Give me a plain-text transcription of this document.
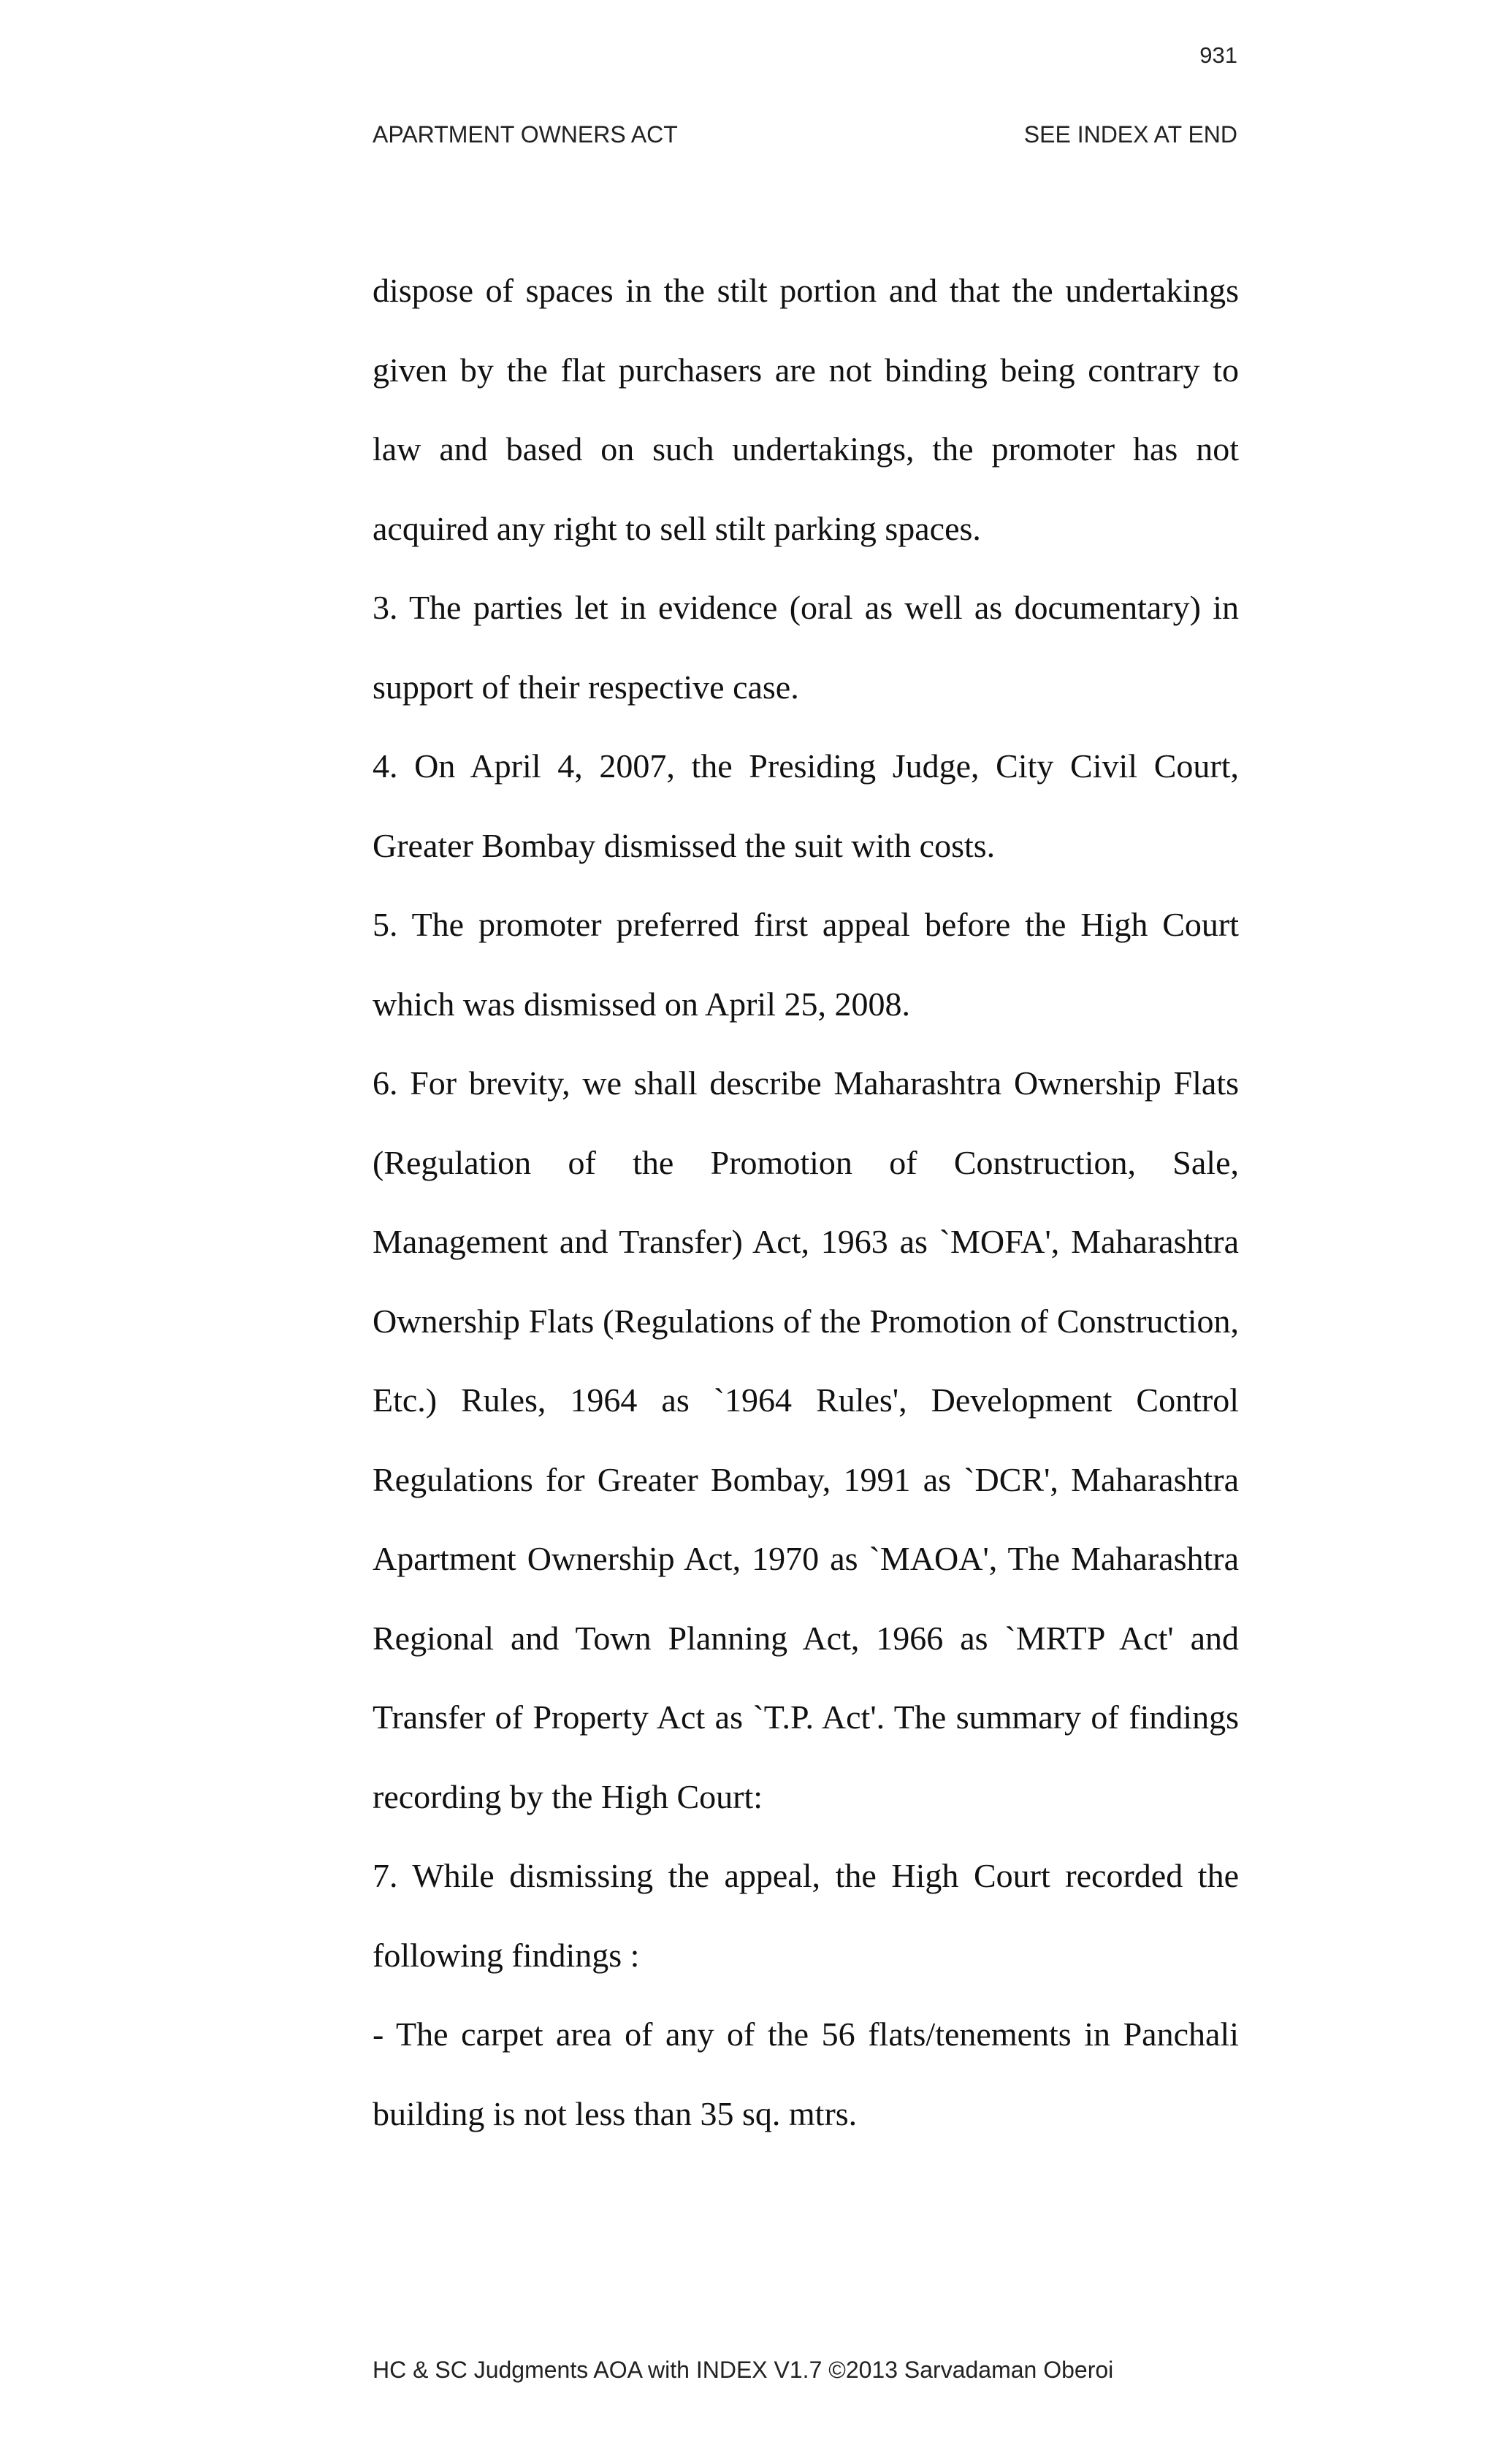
931
APARTMENT OWNERS ACT	SEE INDEX AT END

dispose of spaces in the stilt portion and that the undertakings given by the flat purchasers are not binding being contrary to law and based on such undertakings, the promoter has not acquired any right to sell stilt parking spaces.

3. The parties let in evidence (oral as well as documentary) in support of their respective case.

4. On April 4, 2007, the Presiding Judge, City Civil Court, Greater Bombay dismissed the suit with costs.

5. The promoter preferred first appeal before the High Court which was dismissed on April 25, 2008.

6. For brevity, we shall describe Maharashtra Ownership Flats (Regulation of the Promotion of Construction, Sale, Management and Transfer) Act, 1963 as `MOFA', Maharashtra Ownership Flats (Regulations of the Promotion of Construction, Etc.) Rules, 1964 as `1964 Rules', Development Control Regulations for Greater Bombay, 1991 as `DCR', Maharashtra Apartment Ownership Act, 1970 as `MAOA', The Maharashtra Regional and Town Planning Act, 1966 as `MRTP Act' and Transfer of Property Act as `T.P. Act'. The summary of findings recording by the High Court:

7. While dismissing the appeal, the High Court recorded the following findings :

- The carpet area of any of the 56 flats/tenements in Panchali building is not less than 35 sq. mtrs.

HC & SC Judgments AOA with INDEX V1.7 ©2013 Sarvadaman Oberoi
